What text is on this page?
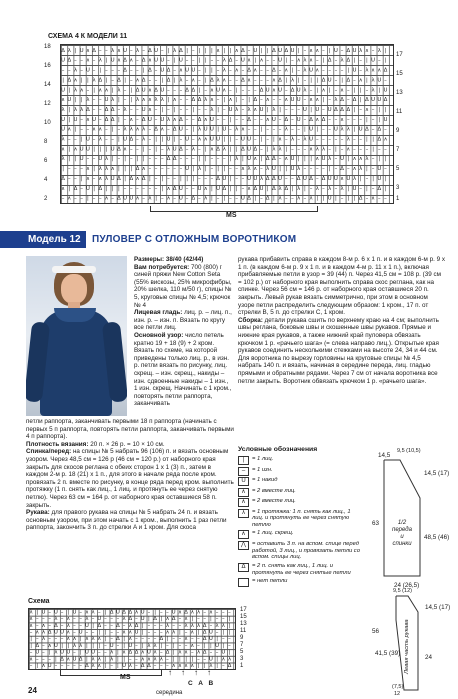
СХЕМА 4 К МОДЕЛИ 11
Δ λ | U ∧ Δ – – λ ∧ U – λ – Δ U – | λ Δ | – | | | ∧ | | ∧ Δ – U | | Δ U Δ U | – ∧ ∧ – | U – Δ U λ ∧ – λ |
U Δ – – ∧ – λ | U ∧ Δ ∧ – Δ ∧ U U – | U – – | | – – λ Δ – U ∧ | ∧ – – U | – ∧ λ ∧ – | Δ – λ Δ | – | U – |
– – λ – U – | – – – Δ – – | Δ – U Δ – ∧ U U – | | – λ – ∧ – Δ ∧ – – Δ – ∧ | – λ U ∧ – – – – | U – λ ∧ ∧ Δ
| Δ ∧ | | λ Δ | – Δ | – ∧ Δ – – | Δ | λ – ∧ – | Δ λ ∧ – – Δ ∧ – – – ∧ Δ | λ | – | | Δ U – | Δ – ∧ | λ U –
U | λ ∧ – | ∧ ∧ | λ – | Δ U ∧ Δ U – – – Δ Δ | – ∧ U ∧ – | – – – Δ U ∧ U – Δ U λ – | ∧ | – ∧ – | | – λ | U
∧ U | | λ – – U λ | – | λ ∧ ∧ λ λ | ∧ – – Δ Δ λ ∧ – | ∧ | – | Δ – ∧ – – ∧ U U – ∧ ∧ | – λ Δ – Δ | Δ U U Δ
λ | λ λ Δ – – Δ Δ – λ – – U ∧ – | – | – – | – – λ | – U λ – λ ∧ U | λ | – – – U | U – U Δ Δ Δ | – ∧ – | |
U | U – ∧ U – Δ Δ | – ∧ – Δ U – U λ ∧ Δ – – Δ ∧ U – – | – – Δ – – ∧ U – Δ – U – Δ ∧ Δ – – ∧ – – – | – | U
U ∧ | – – ∧ ∧ – | – λ λ ∧ λ – Δ ∧ – Δ U – | λ U U | U – λ ∧ – – | – – – λ – – | U | – – U λ λ | U Δ – Δ –
λ – – | U – λ – – | U Δ – λ – | | U | – U – ∧ ∧ U U | | – U U – | – | ∧ – λ – λ U – – – – – λ – – | | Δ ∧
∧ | ∧ U U | | | U Δ ∧ – – | – | – λ U Δ – λ – | ∧ Δ λ | | Δ U Δ – | λ λ | – – – ∧ λ λ – | – ∧ – – – | – –
λ | | U – – U λ | – | – | | – – – Δ Δ – – – | | – – – | λ | U ∧ | Δ Δ – ∧ U | | | ∧ U λ – U | ∧ ∧ λ – | |
| – – – ∧ | λ λ ∧ | | | Δ ∧ – – – – – – U | λ | – | | – – ∧ λ ∧ – λ U | | U λ – – – – | – Δ – ∧ λ | – U –
Δ – – | ∧ – ∧ λ U Δ | Δ ∧ Δ | – | – – | | | – – – Δ U | – – U U λ Δ Δ U – – Δ U Δ – Δ U U ∧ U λ | – | U |
∧ | Δ – U | Δ | | | – – – – – – | ∧ Δ U – – U ∧ | U Δ | | – ∧ Δ U | Δ λ Δ | λ | – λ – λ – λ | U – | – Δ |
– ∧ – – | – – ∧ – Δ U U ∧ – λ | – ∧ – U – Δ – λ | – | – – U Δ | – Δ | λ – – λ – λ | | U | – | | Δ – ∧ – –
18
16
14
12
10
8
6
4
2
17
15
13
11
9
7
5
3
1
MS
Модель 12	ПУЛОВЕР С ОТЛОЖНЫМ ВОРОТНИКОМ
Размеры: 38/40 (42/44)
Вам потребуется: 700 (800) г синей пряжи New Cotton Seta (55% вискозы, 25% микрофибры, 20% шелка, 110 м/50 г), спицы № 5, круговые спицы № 4,5; крючок № 4
Лицевая гладь: лиц. р. – лиц. п., изн. р. – изн. п. Вязать по кругу все петли лиц.
Основной узор: число петель кратно 19 + 18 (9) + 2 кром. Вязать по схеме, на которой приведены только лиц. р., в изн. р. петли вязать по рисунку, лиц. скрещ. – изн. скрещ., накиды – изн. сдвоенные накиды – 1 изн., 1 изн. скрещ. Начинать с 1 кром., повторять петли раппорта, заканчивать
рукава прибавить справа в каждом 8-м р. 6 х 1 п. и в каждом 6-м р. 9 х 1 п. (в каждом 6-м р. 9 х 1 п. и в каждом 4-м р. 11 х 1 п.), включая прибавляемые петли в узор = 39 (44) п. Через 41,5 см = 108 р. (39 см = 102 р.) от наборного края выполнить справа скос реглана, как на спинке. Через 56 см = 146 р. от наборного края оставшиеся 20 п. закрыть. Левый рукав вязать симметрично, при этом в основном узоре петли распределить следующим образом: 1 кром., 17 п. от стрелки B, 5 п. до стрелки C, 1 кром.
Сборка: детали рукава сшить по верхнему краю на 4 см; выполнить швы реглана, боковые швы и скошенные швы рукавов. Прямые и нижние края рукавов, а также нижний край пуловера обвязать крючком 1 р. «рачьего шага» (= слева направо лиц.). Открытые края рукавов соединить несколькими стежками на высоте 24, 34 и 44 см. Для воротника по вырезу горловины на круговые спицы № 4,5 набрать 140 п. и вязать, начиная в середине переда, лиц. гладью прямыми и обратными рядами. Через 7 см от начала воротника все петли закрыть. Воротник обвязать крючком 1 р. «рачьего шага».
петли раппорта, заканчивать первыми 18 п раппорта (начинать с первых 5 п раппорта, повторять петли раппорта, заканчивать первыми 4 п раппорта).
Плотность вязания: 20 п. × 26 р. = 10 × 10 см.
Спинка/перед: на спицы № 5 набрать 96 (106) п. и вязать основным узором. Через 48,5 см = 126 р (46 см = 120 р.) от наборного края закрыть для скосов реглана с обеих сторон 1 х 1 (3) п., затем в каждом 2-м р. 18 (21) х 1 п., для этого в начале ряда после кром. провязать 2 п. вместе по рисунку, в конце ряда перед кром. выполнить протяжку (1 п. снять как лиц., 1 лиц. и протянуть ее через снятую петлю). Через 63 см = 164 р. от наборного края оставшиеся 58 п. закрыть.
Рукава: для правого рукава на спицы № 5 набрать 24 п. и вязать основным узором, при этом начать с 1 кром., выполнить 1 раз петли раппорта, закончить 3 п. до стрелки A и 1 кром. Для скоса
Условные обозначения
|	= 1 лиц.
–	= 1 изн.
U	= 1 накид
∧	= 2 вместе лиц.
∧	= 2 вместе лиц.
λ	= 1 протяжка: 1 п. снять как лиц., 1 лиц. и протянуть ее через снятую петлю
∧	= 1 лиц. скрещ.
⋀	= оставить 3 п. на вспом. спице перед работой, 3 лиц., и провязать петли со вспом. спицы лиц.
Δ	= 2 п. снять как лиц., 1 лиц. и протянуть ее через снятые петли
= нет петли
1/2 переда и спинки
14,5
9,5 (10,5)
14,5 (17)
63
48,5 (46)
24 (26,5)
Левая часть рукава
9,5 (12)
14,5 (17)
56
41,5 (39)
24
(7,5)
12
Схема
λ | U – U – | U – ∧ λ – | Δ U Δ Δ λ U – | – – U ∧ Δ λ λ – ∧ – – –
∧ – – – λ – ∧ – – λ – U – – – λ Δ – U | Δ | ∧ Δ – ∧ | – – | – – |
∧ – ∧ – Δ – λ – – U | Δ – – Δ – λ Δ | – – – λ – – λ λ λ Δ – λ λ |
– ∧ λ Δ U U ∧ – U – – | | – – ∧ ∧ U | – – – ∧ λ | – ∧ | Δ U – | |
| – λ – – – ∧ ∧ | ∧ λ ∧ | – Δ | ∧ – – – – Δ | – – ∧ – – Δ U | – –
| Δ – ∧ U | | λ λ | | | – U – | U – | λ λ | – | – – ∧ – | | U | –
– U – | λ U U – | U U – – λ | ∧ Δ Δ ∧ U λ – Δ | λ ∧ – λ Δ – – U |
∧ – – – | Δ ∧ U Δ | λ λ | λ | | – – ∧ ∧ λ λ – | | | | – – U | λ λ
– | ∧ U – – – – – Δ λ ∧ | – | U λ – Δ Δ – – – ∧ ∧ ∧ ∧ | | λ | – Δ
17
15
13
11
9
7
5
3
1
MS
середина
C A B
↑↑↑↑
24
